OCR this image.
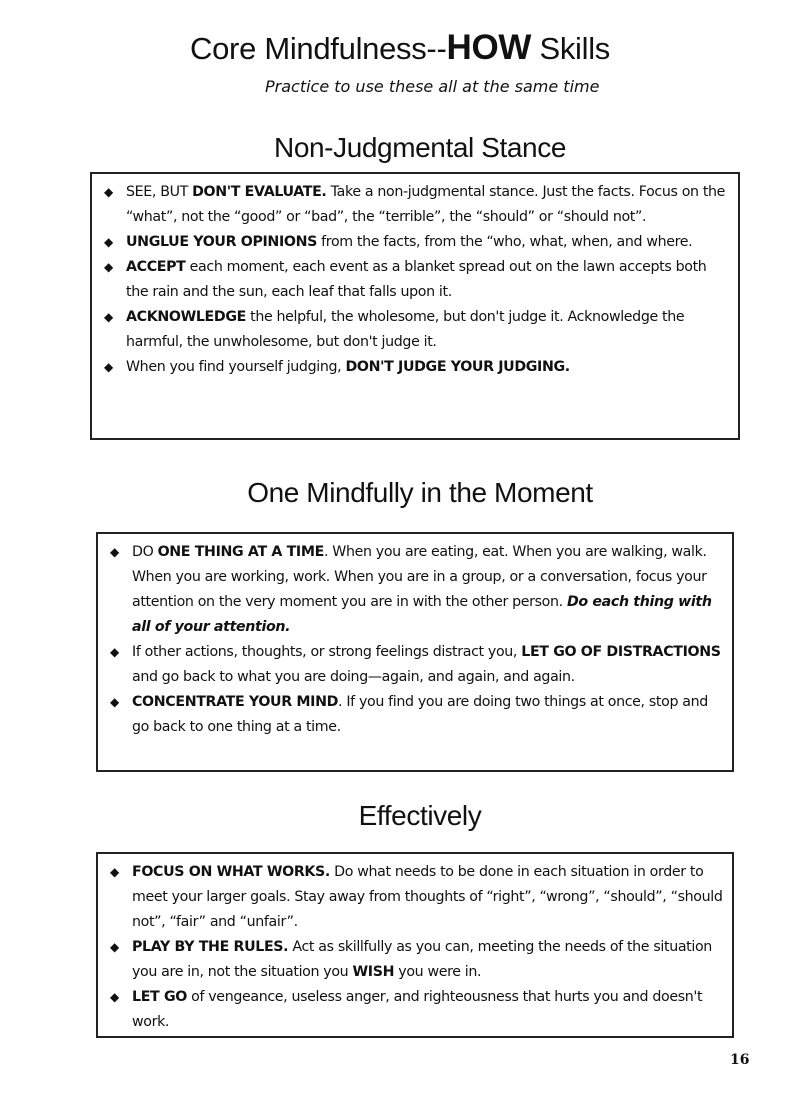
Core Mindfulness--HOW Skills
Practice to use these all at the same time
Non-Judgmental Stance
◆ SEE, BUT DON'T EVALUATE. Take a non-judgmental stance. Just the facts. Focus on the “what”, not the “good” or “bad”, the “terrible”, the “should” or “should not”.
◆ UNGLUE YOUR OPINIONS from the facts, from the “who, what, when, and where.
◆ ACCEPT each moment, each event as a blanket spread out on the lawn accepts both the rain and the sun, each leaf that falls upon it.
◆ ACKNOWLEDGE the helpful, the wholesome, but don't judge it. Acknowledge the harmful, the unwholesome, but don't judge it.
◆ When you find yourself judging, DON'T JUDGE YOUR JUDGING.
One Mindfully in the Moment
◆ DO ONE THING AT A TIME. When you are eating, eat. When you are walking, walk. When you are working, work. When you are in a group, or a conversation, focus your attention on the very moment you are in with the other person. Do each thing with all of your attention.
◆ If other actions, thoughts, or strong feelings distract you, LET GO OF DISTRACTIONS and go back to what you are doing—again, and again, and again.
◆ CONCENTRATE YOUR MIND. If you find you are doing two things at once, stop and go back to one thing at a time.
Effectively
◆ FOCUS ON WHAT WORKS. Do what needs to be done in each situation in order to meet your larger goals. Stay away from thoughts of “right”, “wrong”, “should”, “should not”, “fair” and “unfair”.
◆ PLAY BY THE RULES. Act as skillfully as you can, meeting the needs of the situation you are in, not the situation you WISH you were in.
◆ LET GO of vengeance, useless anger, and righteousness that hurts you and doesn't work.
16
